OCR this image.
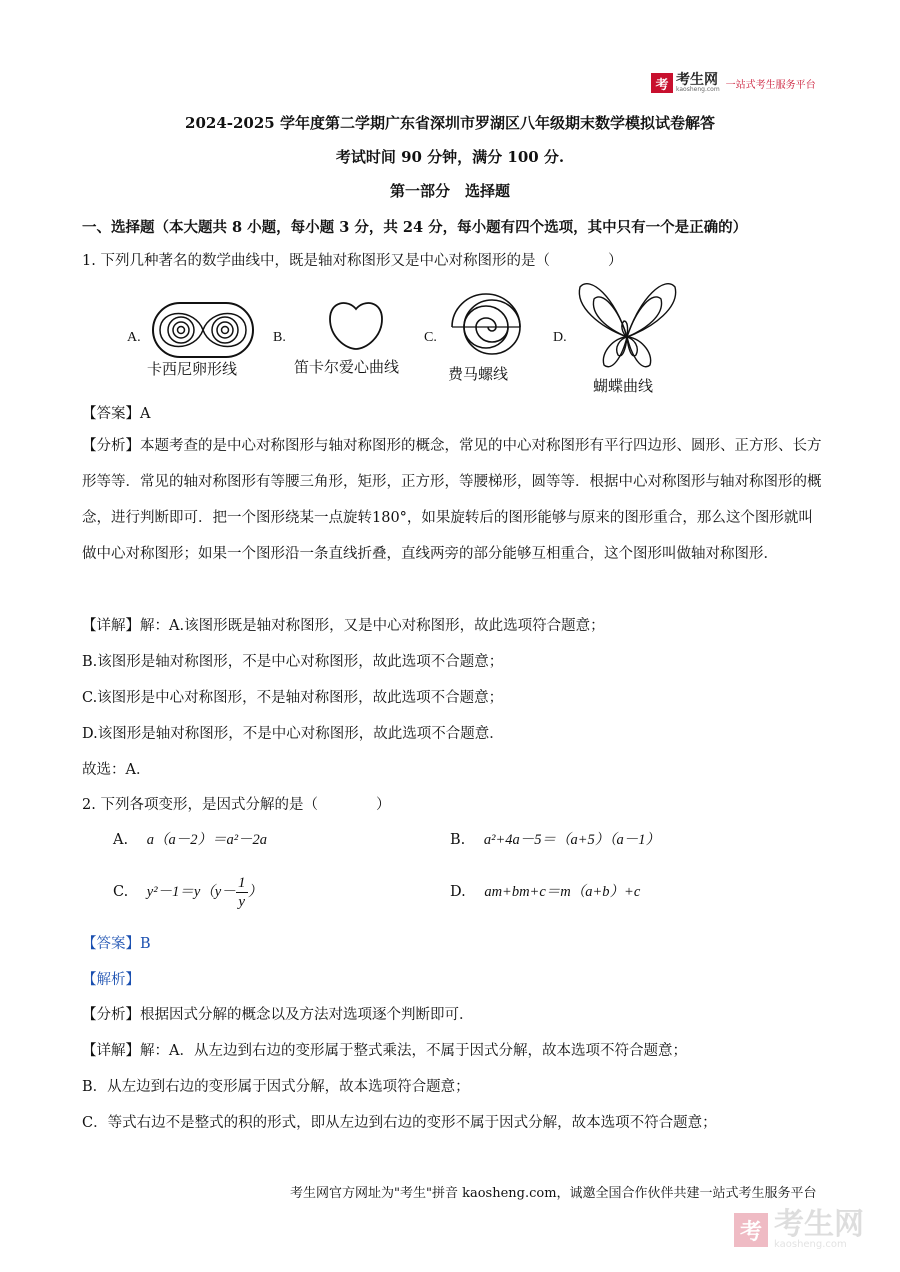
考 考生网
kaosheng.com 一站式考生服务平台
2024-2025 学年度第二学期广东省深圳市罗湖区八年级期末数学模拟试卷解答
考试时间 90 分钟，满分 100 分.
第一部分　选择题
一、选择题（本大题共 8 小题，每小题 3 分，共 24 分，每小题有四个选项，其中只有一个是正确的）
1. 下列几种著名的数学曲线中，既是轴对称图形又是中心对称图形的是（　　　　）
A.	B.	C.	D.
卡西尼卵形线	笛卡尔爱心曲线	费马螺线
蝴蝶曲线
【答案】A
【分析】本题考查的是中心对称图形与轴对称图形的概念，常见的中心对称图形有平行四边形、圆形、正方形、长方形等等．常见的轴对称图形有等腰三角形，矩形，正方形，等腰梯形，圆等等．根据中心对称图形与轴对称图形的概念，进行判断即可．把一个图形绕某一点旋转180°，如果旋转后的图形能够与原来的图形重合，那么这个图形就叫做中心对称图形；如果一个图形沿一条直线折叠，直线两旁的部分能够互相重合，这个图形叫做轴对称图形．
【详解】解：A.该图形既是轴对称图形，又是中心对称图形，故此选项符合题意；
B.该图形是轴对称图形，不是中心对称图形，故此选项不合题意；
C.该图形是中心对称图形，不是轴对称图形，故此选项不合题意；
D.该图形是轴对称图形，不是中心对称图形，故此选项不合题意．
故选：A．
2. 下列各项变形，是因式分解的是（　　　　）
A. a（a－2）＝a²－2a	B. a²+4a－5＝（a+5）（a－1）
C. $y^2-1=y(y- \frac{1}{y}$ ）	D. am+bm+c＝m（a+b）+c
【答案】B
【解析】
【分析】根据因式分解的概念以及方法对选项逐个判断即可．
【详解】解：A．从左边到右边的变形属于整式乘法，不属于因式分解，故本选项不符合题意；
B．从左边到右边的变形属于因式分解，故本选项符合题意；
C．等式右边不是整式的积的形式，即从左边到右边的变形不属于因式分解，故本选项不符合题意；
考生网官方网址为"考生"拼音 kaosheng.com，诚邀全国合作伙伴共建一站式考生服务平台
考 考生网
kaosheng.com
